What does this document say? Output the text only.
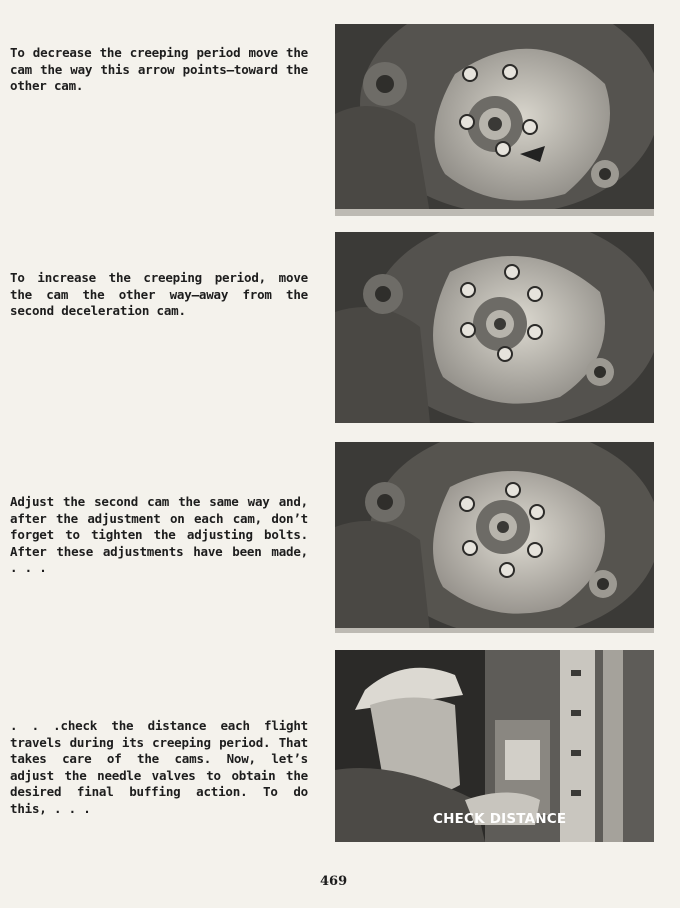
To decrease the creeping period move the cam the way this arrow points—toward the other cam.

To increase the creeping period, move the cam the other way—away from the second deceleration cam.

Adjust the second cam the same way and, after the adjustment on each cam, don’t forget to tighten the adjusting bolts. After these adjustments have been made, . . .

. . .check the distance each flight travels during its creeping period. That takes care of the cams. Now, let’s adjust the needle valves to obtain the desired final buffing action. To do this, . . .

CHECK DISTANCE
469
